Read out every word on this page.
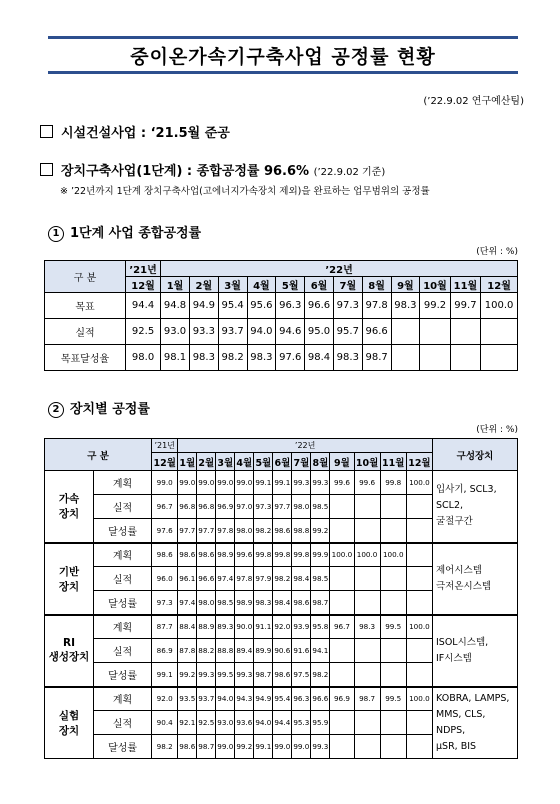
중이온가속기구축사업 공정률 현황
(’22.9.02 연구예산팀)
시설건설사업 : ‘21.5월 준공
장치구축사업(1단계) : 종합공정률 96.6% (’22.9.02 기준)
※ ’22년까지 1단계 장치구축사업(고에너지가속장치 제외)을 완료하는 업무범위의 공정률
1 1단계 사업 종합공정률
(단위 : %)
구 분	’21년	’22년											
	12월	1월	2월	3월	4월	5월	6월	7월	8월	9월	10월	11월	12월
목표	94.4	94.8	94.9	95.4	95.6	96.3	96.6	97.3	97.8	98.3	99.2	99.7	100.0
실적	92.5	93.0	93.3	93.7	94.0	94.6	95.0	95.7	96.6				
목표달성율	98.0	98.1	98.3	98.2	98.3	97.6	98.4	98.3	98.7				
2 장치별 공정률
(단위 : %)
구 분		’21년	’22년												구성장치
		12월	1월	2월	3월	4월	5월	6월	7월	8월	9월	10월	11월	12월	
가속
장치	계획	99.0	99.0	99.0	99.0	99.0	99.1	99.1	99.3	99.3	99.6	99.6	99.8	100.0	입사기, SCL3,
SCL2,
굴절구간
	실적	96.7	96.8	96.8	96.9	97.0	97.3	97.7	98.0	98.5					
	달성률	97.6	97.7	97.7	97.8	98.0	98.2	98.6	98.8	99.2					
기반
장치	계획	98.6	98.6	98.6	98.9	99.6	99.8	99.8	99.8	99.9	100.0	100.0	100.0		제어시스템
극저온시스템
	실적	96.0	96.1	96.6	97.4	97.8	97.9	98.2	98.4	98.5					
	달성률	97.3	97.4	98.0	98.5	98.9	98.3	98.4	98.6	98.7					
RI
생성장치	계획	87.7	88.4	88.9	89.3	90.0	91.1	92.0	93.9	95.8	96.7	98.3	99.5	100.0	ISOL시스템,
IF시스템
	실적	86.9	87.8	88.2	88.8	89.4	89.9	90.6	91.6	94.1					
	달성률	99.1	99.2	99.3	99.5	99.3	98.7	98.6	97.5	98.2					
실험
장치	계획	92.0	93.5	93.7	94.0	94.3	94.9	95.4	96.3	96.6	96.9	98.7	99.5	100.0	KOBRA, LAMPS,
MMS, CLS, NDPS,
μSR, BIS
	실적	90.4	92.1	92.5	93.0	93.6	94.0	94.4	95.3	95.9					
	달성률	98.2	98.6	98.7	99.0	99.2	99.1	99.0	99.0	99.3					
